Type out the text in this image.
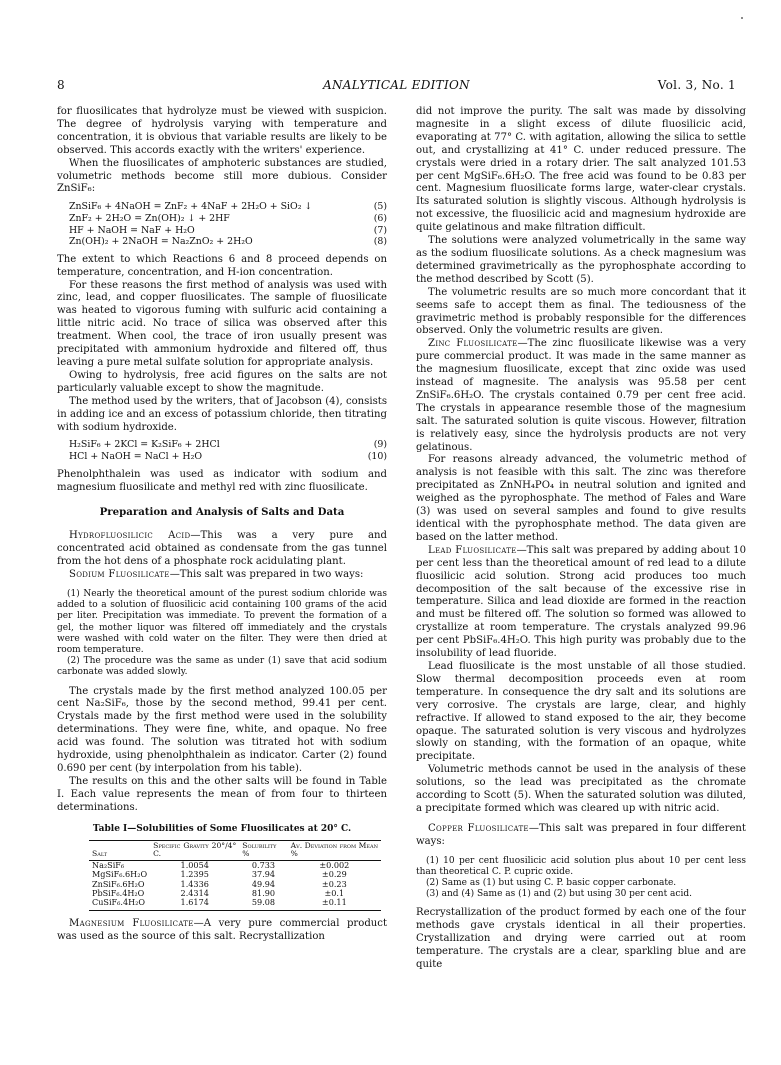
8	ANALYTICAL EDITION	Vol. 3, No. 1

for fluosilicates that hydrolyze must be viewed with suspicion. The degree of hydrolysis varying with temperature and concentration, it is obvious that variable results are likely to be observed. This accords exactly with the writers' experience.

When the fluosilicates of amphoteric substances are studied, volumetric methods become still more dubious. Consider ZnSiF₆:

ZnSiF₆ + 4NaOH = ZnF₂ + 4NaF + 2H₂O + SiO₂ ↓	(5)
ZnF₂ + 2H₂O = Zn(OH)₂ ↓ + 2HF	(6)
HF + NaOH = NaF + H₂O	(7)
Zn(OH)₂ + 2NaOH = Na₂ZnO₂ + 2H₂O	(8)

The extent to which Reactions 6 and 8 proceed depends on temperature, concentration, and H-ion concentration.

For these reasons the first method of analysis was used with zinc, lead, and copper fluosilicates. The sample of fluosilicate was heated to vigorous fuming with sulfuric acid containing a little nitric acid. No trace of silica was observed after this treatment. When cool, the trace of iron usually present was precipitated with ammonium hydroxide and filtered off, thus leaving a pure metal sulfate solution for appropriate analysis.

Owing to hydrolysis, free acid figures on the salts are not particularly valuable except to show the magnitude.

The method used by the writers, that of Jacobson (4), consists in adding ice and an excess of potassium chloride, then titrating with sodium hydroxide.

H₂SiF₆ + 2KCl = K₂SiF₆ + 2HCl	(9)
HCl + NaOH = NaCl + H₂O	(10)

Phenolphthalein was used as indicator with sodium and magnesium fluosilicate and methyl red with zinc fluosilicate.

Preparation and Analysis of Salts and Data

Hydrofluosilicic Acid—This was a very pure and concentrated acid obtained as condensate from the gas tunnel from the hot dens of a phosphate rock acidulating plant.

Sodium Fluosilicate—This salt was prepared in two ways:

(1) Nearly the theoretical amount of the purest sodium chloride was added to a solution of fluosilicic acid containing 100 grams of the acid per liter. Precipitation was immediate. To prevent the formation of a gel, the mother liquor was filtered off immediately and the crystals were washed with cold water on the filter. They were then dried at room temperature.

(2) The procedure was the same as under (1) save that acid sodium carbonate was added slowly.

The crystals made by the first method analyzed 100.05 per cent Na₂SiF₆, those by the second method, 99.41 per cent. Crystals made by the first method were used in the solubility determinations. They were fine, white, and opaque. No free acid was found. The solution was titrated hot with sodium hydroxide, using phenolphthalein as indicator. Carter (2) found 0.690 per cent (by interpolation from his table).

The results on this and the other salts will be found in Table I. Each value represents the mean of from four to thirteen determinations.

Table I—Solubilities of Some Fluosilicates at 20° C.
Salt	Specific Gravity 20°/4° C.	Solubility %	Av. Deviation from Mean %
Na₂SiF₆	1.0054	0.733	±0.002
MgSiF₆.6H₂O	1.2395	37.94	±0.29
ZnSiF₆.6H₂O	1.4336	49.94	±0.23
PbSiF₆.4H₂O	2.4314	81.90	±0.1
CuSiF₆.4H₂O	1.6174	59.08	±0.11

Magnesium Fluosilicate—A very pure commercial product was used as the source of this salt. Recrystallization

did not improve the purity. The salt was made by dissolving magnesite in a slight excess of dilute fluosilicic acid, evaporating at 77° C. with agitation, allowing the silica to settle out, and crystallizing at 41° C. under reduced pressure. The crystals were dried in a rotary drier. The salt analyzed 101.53 per cent MgSiF₆.6H₂O. The free acid was found to be 0.83 per cent. Magnesium fluosilicate forms large, water-clear crystals. Its saturated solution is slightly viscous. Although hydrolysis is not excessive, the fluosilicic acid and magnesium hydroxide are quite gelatinous and make filtration difficult.

The solutions were analyzed volumetrically in the same way as the sodium fluosilicate solutions. As a check magnesium was determined gravimetrically as the pyrophosphate according to the method described by Scott (5).

The volumetric results are so much more concordant that it seems safe to accept them as final. The tediousness of the gravimetric method is probably responsible for the differences observed. Only the volumetric results are given.

Zinc Fluosilicate—The zinc fluosilicate likewise was a very pure commercial product. It was made in the same manner as the magnesium fluosilicate, except that zinc oxide was used instead of magnesite. The analysis was 95.58 per cent ZnSiF₆.6H₂O. The crystals contained 0.79 per cent free acid. The crystals in appearance resemble those of the magnesium salt. The saturated solution is quite viscous. However, filtration is relatively easy, since the hydrolysis products are not very gelatinous.

For reasons already advanced, the volumetric method of analysis is not feasible with this salt. The zinc was therefore precipitated as ZnNH₄PO₄ in neutral solution and ignited and weighed as the pyrophosphate. The method of Fales and Ware (3) was used on several samples and found to give results identical with the pyrophosphate method. The data given are based on the latter method.

Lead Fluosilicate—This salt was prepared by adding about 10 per cent less than the theoretical amount of red lead to a dilute fluosilicic acid solution. Strong acid produces too much decomposition of the salt because of the excessive rise in temperature. Silica and lead dioxide are formed in the reaction and must be filtered off. The solution so formed was allowed to crystallize at room temperature. The crystals analyzed 99.96 per cent PbSiF₆.4H₂O. This high purity was probably due to the insolubility of lead fluoride.

Lead fluosilicate is the most unstable of all those studied. Slow thermal decomposition proceeds even at room temperature. In consequence the dry salt and its solutions are very corrosive. The crystals are large, clear, and highly refractive. If allowed to stand exposed to the air, they become opaque. The saturated solution is very viscous and hydrolyzes slowly on standing, with the formation of an opaque, white precipitate.

Volumetric methods cannot be used in the analysis of these solutions, so the lead was precipitated as the chromate according to Scott (5). When the saturated solution was diluted, a precipitate formed which was cleared up with nitric acid.

Copper Fluosilicate—This salt was prepared in four different ways:

(1) 10 per cent fluosilicic acid solution plus about 10 per cent less than theoretical C. P. cupric oxide.

(2) Same as (1) but using C. P. basic copper carbonate.

(3) and (4) Same as (1) and (2) but using 30 per cent acid.

Recrystallization of the product formed by each one of the four methods gave crystals identical in all their properties. Crystallization and drying were carried out at room temperature. The crystals are a clear, sparkling blue and are quite
